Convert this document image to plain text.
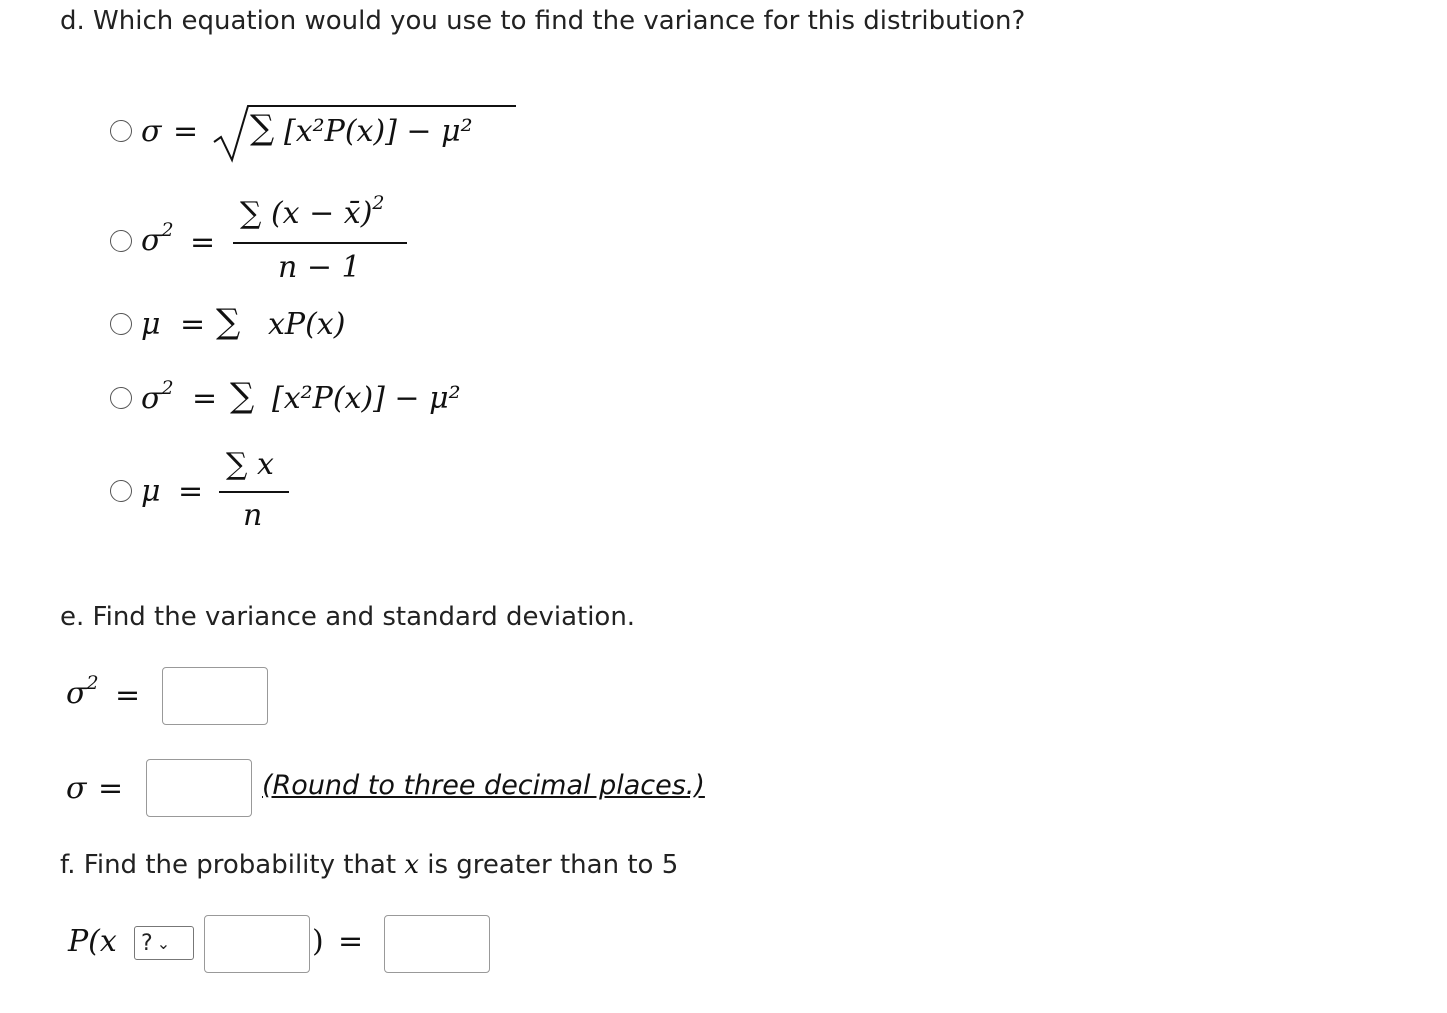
d. Which equation would you use to find the variance for this distribution?
σ = ∑ [x²P(x)] − μ²
$\sigma^2$ =
∑ (x − x̄)$^2$
n − 1
μ = ∑ xP(x)
$\sigma^2$ = ∑ [x²P(x)] − μ²
μ =
∑ x
n
e. Find the variance and standard deviation.
$\sigma^2$ =
σ =	(Round to three decimal places.)
f. Find the probability that x is greater than to 5
P(x ? ⌄	) =
